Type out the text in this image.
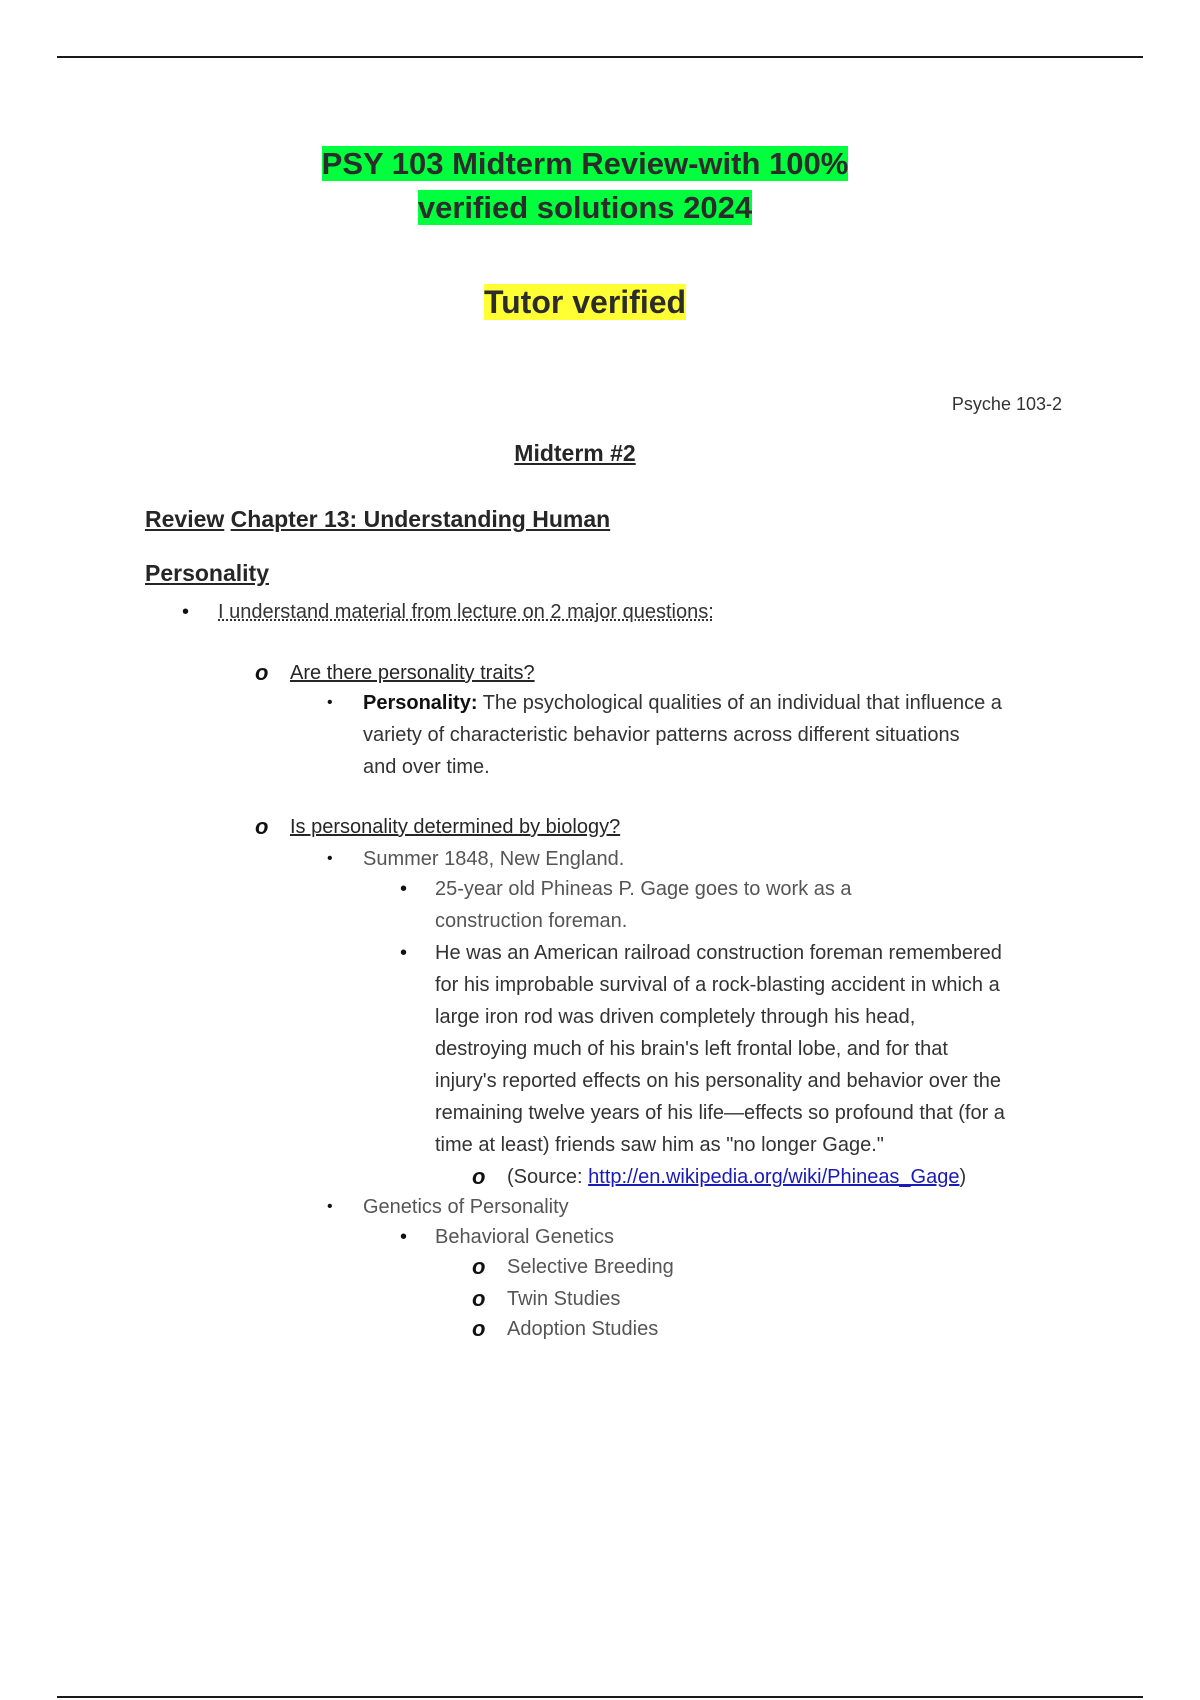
PSY 103 Midterm Review-with 100%
verified solutions 2024
Tutor verified
Psyche 103-2
Midterm #2
Review Chapter 13: Understanding Human
Personality
• I understand material from lecture on 2 major questions:
o Are there personality traits?
• Personality: The psychological qualities of an individual that influence a
variety of characteristic behavior patterns across different situations
and over time.
o Is personality determined by biology?
• Summer 1848, New England.
• 25-year old Phineas P. Gage goes to work as a
construction foreman.
• He was an American railroad construction foreman remembered
for his improbable survival of a rock-blasting accident in which a
large iron rod was driven completely through his head,
destroying much of his brain's left frontal lobe, and for that
injury's reported effects on his personality and behavior over the
remaining twelve years of his life—effects so profound that (for a
time at least) friends saw him as "no longer Gage."
o (Source: http://en.wikipedia.org/wiki/Phineas_Gage)
• Genetics of Personality
• Behavioral Genetics
o Selective Breeding
o Twin Studies
o Adoption Studies
